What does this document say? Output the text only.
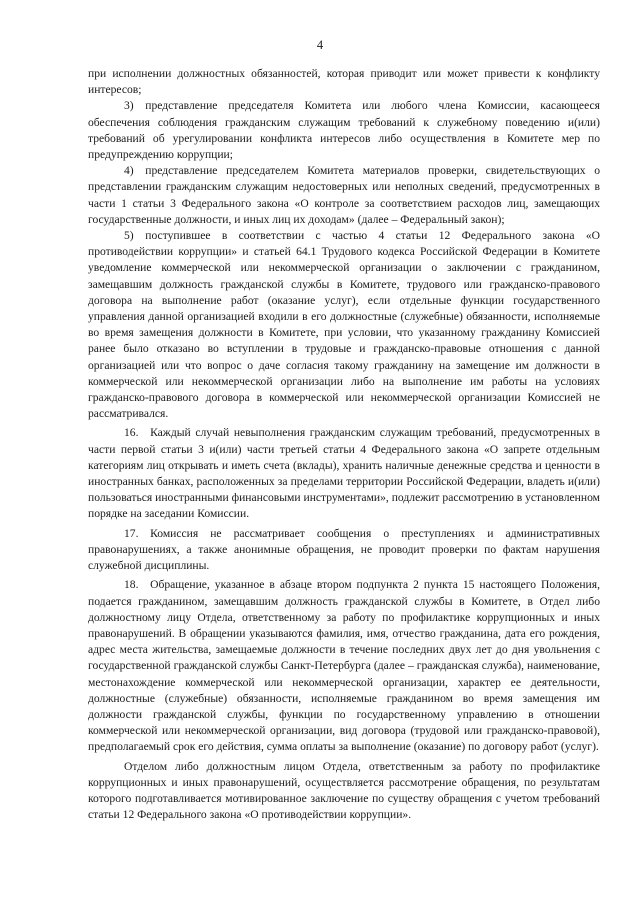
4

при исполнении должностных обязанностей, которая приводит или может привести к конфликту интересов;

3) представление председателя Комитета или любого члена Комиссии, касающееся обеспечения соблюдения гражданским служащим требований к служебному поведению и(или) требований об урегулировании конфликта интересов либо осуществления в Комитете мер по предупреждению коррупции;

4) представление председателем Комитета материалов проверки, свидетельствующих о представлении гражданским служащим недостоверных или неполных сведений, предусмотренных в части 1 статьи 3 Федерального закона «О контроле за соответствием расходов лиц, замещающих государственные должности, и иных лиц их доходам» (далее – Федеральный закон);

5) поступившее в соответствии с частью 4 статьи 12 Федерального закона «О противодействии коррупции» и статьей 64.1 Трудового кодекса Российской Федерации в Комитете уведомление коммерческой или некоммерческой организации о заключении с гражданином, замещавшим должность гражданской службы в Комитете, трудового или гражданско-правового договора на выполнение работ (оказание услуг), если отдельные функции государственного управления данной организацией входили в его должностные (служебные) обязанности, исполняемые во время замещения должности в Комитете, при условии, что указанному гражданину Комиссией ранее было отказано во вступлении в трудовые и гражданско-правовые отношения с данной организацией или что вопрос о даче согласия такому гражданину на замещение им должности в коммерческой или некоммерческой организации либо на выполнение им работы на условиях гражданско-правового договора в коммерческой или некоммерческой организации Комиссией не рассматривался.

16. Каждый случай невыполнения гражданским служащим требований, предусмотренных в части первой статьи 3 и(или) части третьей статьи 4 Федерального закона «О запрете отдельным категориям лиц открывать и иметь счета (вклады), хранить наличные денежные средства и ценности в иностранных банках, расположенных за пределами территории Российской Федерации, владеть и(или) пользоваться иностранными финансовыми инструментами», подлежит рассмотрению в установленном порядке на заседании Комиссии.

17. Комиссия не рассматривает сообщения о преступлениях и административных правонарушениях, а также анонимные обращения, не проводит проверки по фактам нарушения служебной дисциплины.

18. Обращение, указанное в абзаце втором подпункта 2 пункта 15 настоящего Положения, подается гражданином, замещавшим должность гражданской службы в Комитете, в Отдел либо должностному лицу Отдела, ответственному за работу по профилактике коррупционных и иных правонарушений. В обращении указываются фамилия, имя, отчество гражданина, дата его рождения, адрес места жительства, замещаемые должности в течение последних двух лет до дня увольнения с государственной гражданской службы Санкт-Петербурга (далее – гражданская служба), наименование, местонахождение коммерческой или некоммерческой организации, характер ее деятельности, должностные (служебные) обязанности, исполняемые гражданином во время замещения им должности гражданской службы, функции по государственному управлению в отношении коммерческой или некоммерческой организации, вид договора (трудовой или гражданско-правовой), предполагаемый срок его действия, сумма оплаты за выполнение (оказание) по договору работ (услуг).

Отделом либо должностным лицом Отдела, ответственным за работу по профилактике коррупционных и иных правонарушений, осуществляется рассмотрение обращения, по результатам которого подготавливается мотивированное заключение по существу обращения с учетом требований статьи 12 Федерального закона «О противодействии коррупции».
